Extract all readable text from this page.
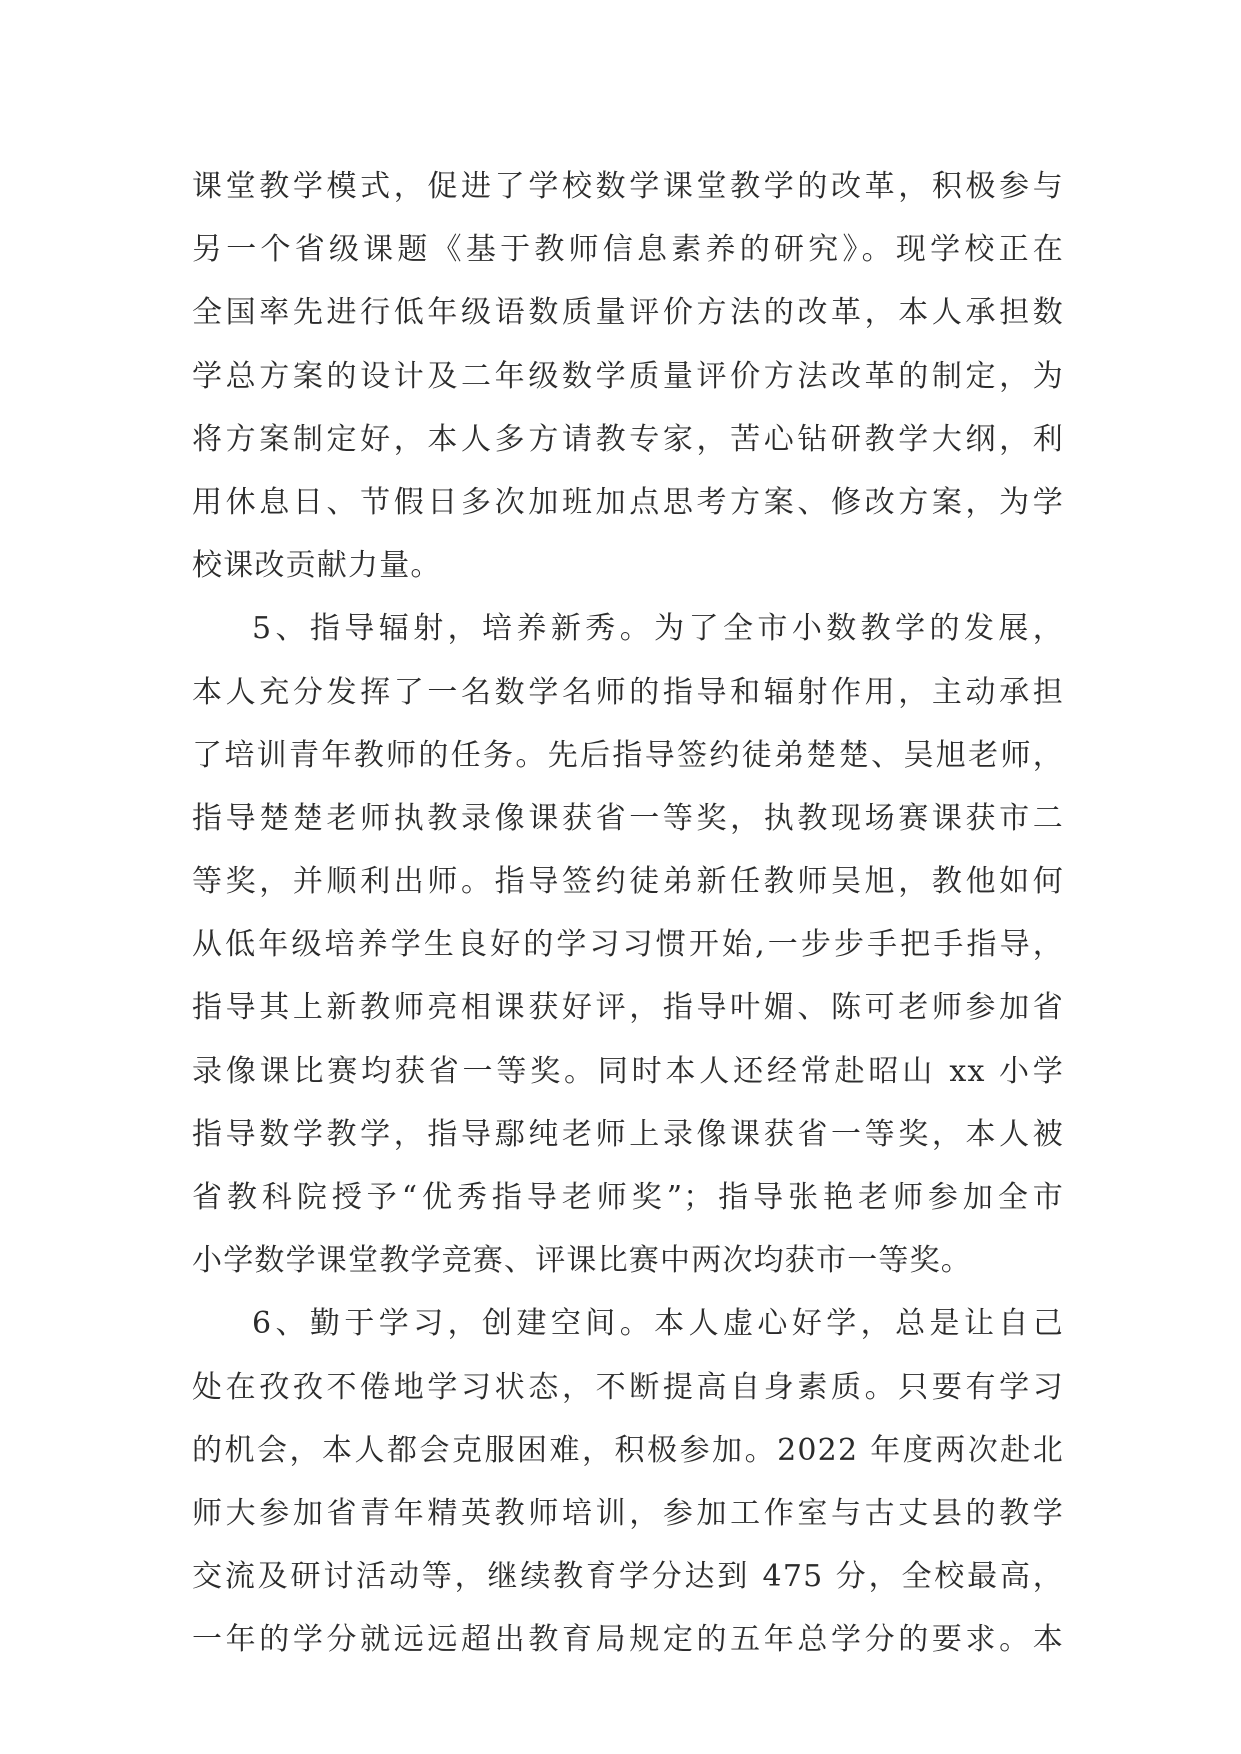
课堂教学模式，促进了学校数学课堂教学的改革，积极参与
另一个省级课题《基于教师信息素养的研究》。现学校正在
全国率先进行低年级语数质量评价方法的改革，本人承担数
学总方案的设计及二年级数学质量评价方法改革的制定，为
将方案制定好，本人多方请教专家，苦心钻研教学大纲，利
用休息日、节假日多次加班加点思考方案、修改方案，为学
校课改贡献力量。
5、指导辐射，培养新秀。为了全市小数教学的发展，
本人充分发挥了一名数学名师的指导和辐射作用，主动承担
了培训青年教师的任务。先后指导签约徒弟楚楚、吴旭老师，
指导楚楚老师执教录像课获省一等奖，执教现场赛课获市二
等奖，并顺利出师。指导签约徒弟新任教师吴旭，教他如何
从低年级培养学生良好的学习习惯开始,一步步手把手指导，
指导其上新教师亮相课获好评，指导叶媚、陈可老师参加省
录像课比赛均获省一等奖。同时本人还经常赴昭山 xx 小学
指导数学教学，指导鄢纯老师上录像课获省一等奖，本人被
省教科院授予“优秀指导老师奖”；指导张艳老师参加全市
小学数学课堂教学竞赛、评课比赛中两次均获市一等奖。
6、勤于学习，创建空间。本人虚心好学，总是让自己
处在孜孜不倦地学习状态，不断提高自身素质。只要有学习
的机会，本人都会克服困难，积极参加。2022 年度两次赴北
师大参加省青年精英教师培训，参加工作室与古丈县的教学
交流及研讨活动等，继续教育学分达到 475 分，全校最高，
一年的学分就远远超出教育局规定的五年总学分的要求。本
